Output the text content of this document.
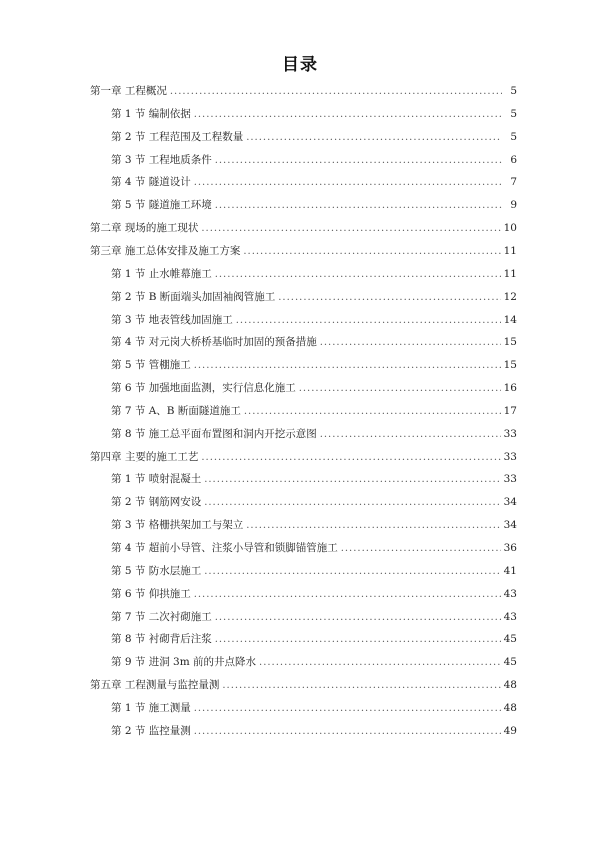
目录
第一章 工程概况 .....	5
第 1 节 编制依据 .....	5
第 2 节 工程范围及工程数量 .....	5
第 3 节 工程地质条件 .....	6
第 4 节 隧道设计 .....	7
第 5 节 隧道施工环境 .....	9
第二章 现场的施工现状 .....	10
第三章 施工总体安排及施工方案 .....	11
第 1 节 止水帷幕施工 .....	11
第 2 节 B 断面端头加固袖阀管施工 .....	12
第 3 节 地表管线加固施工 .....	14
第 4 节 对元岗大桥桥基临时加固的预备措施 .....	15
第 5 节 管棚施工 .....	15
第 6 节 加强地面监测，实行信息化施工 .....	16
第 7 节 A、B 断面隧道施工 .....	17
第 8 节 施工总平面布置图和洞内开挖示意图 .....	33
第四章 主要的施工工艺 .....	33
第 1 节 喷射混凝土 .....	33
第 2 节 钢筋网安设 .....	34
第 3 节 格栅拱架加工与架立 .....	34
第 4 节 超前小导管、注浆小导管和锁脚锚管施工 .....	36
第 5 节 防水层施工 .....	41
第 6 节 仰拱施工 .....	43
第 7 节 二次衬砌施工 .....	43
第 8 节 衬砌背后注浆 .....	45
第 9 节 进洞 3m 前的井点降水 .....	45
第五章 工程测量与监控量测 .....	48
第 1 节 施工测量 .....	48
第 2 节 监控量测 .....	49
